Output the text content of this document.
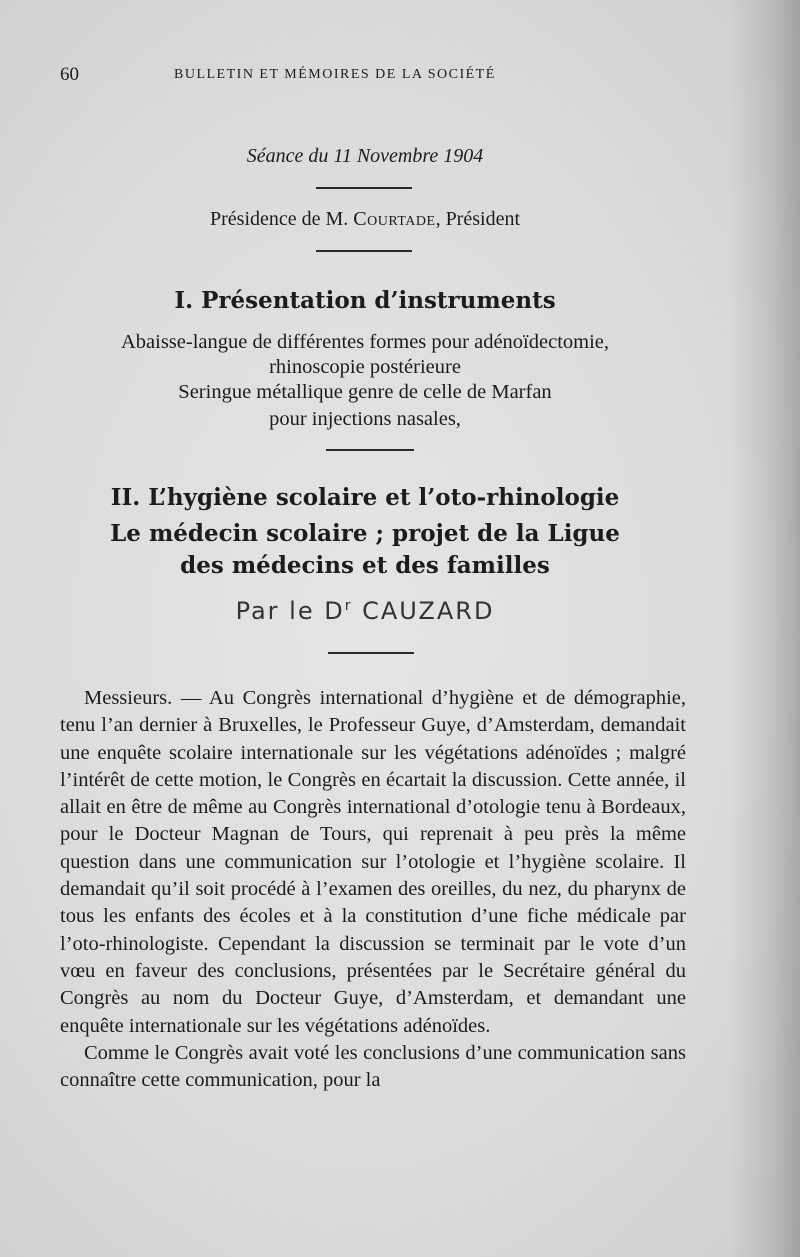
60	BULLETIN ET MÉMOIRES DE LA SOCIÉTÉ
Séance du 11 Novembre 1904
Présidence de M. Courtade, Président
I. Présentation d’instruments
Abaisse-langue de différentes formes pour adénoïdectomie,
rhinoscopie postérieure
Seringue métallique genre de celle de Marfan
pour injections nasales,
II. L’hygiène scolaire et l’oto-rhinologie
Le médecin scolaire ; projet de la Ligue
des médecins et des familles
Par le $D^r$ CAUZARD

Messieurs. — Au Congrès international d’hygiène et de démographie, tenu l’an dernier à Bruxelles, le Professeur Guye, d’Amsterdam, demandait une enquête scolaire internationale sur les végétations adénoïdes ; malgré l’intérêt de cette motion, le Congrès en écartait la discussion. Cette année, il allait en être de même au Congrès international d’otologie tenu à Bordeaux, pour le Docteur Magnan de Tours, qui reprenait à peu près la même question dans une communication sur l’otologie et l’hygiène scolaire. Il demandait qu’il soit procédé à l’examen des oreilles, du nez, du pharynx de tous les enfants des écoles et à la constitution d’une fiche médicale par l’oto-rhinologiste. Cependant la discussion se terminait par le vote d’un vœu en faveur des conclusions, présentées par le Secrétaire général du Congrès au nom du Docteur Guye, d’Amsterdam, et demandant une enquête internationale sur les végétations adénoïdes.

Comme le Congrès avait voté les conclusions d’une communication sans connaître cette communication, pour la
